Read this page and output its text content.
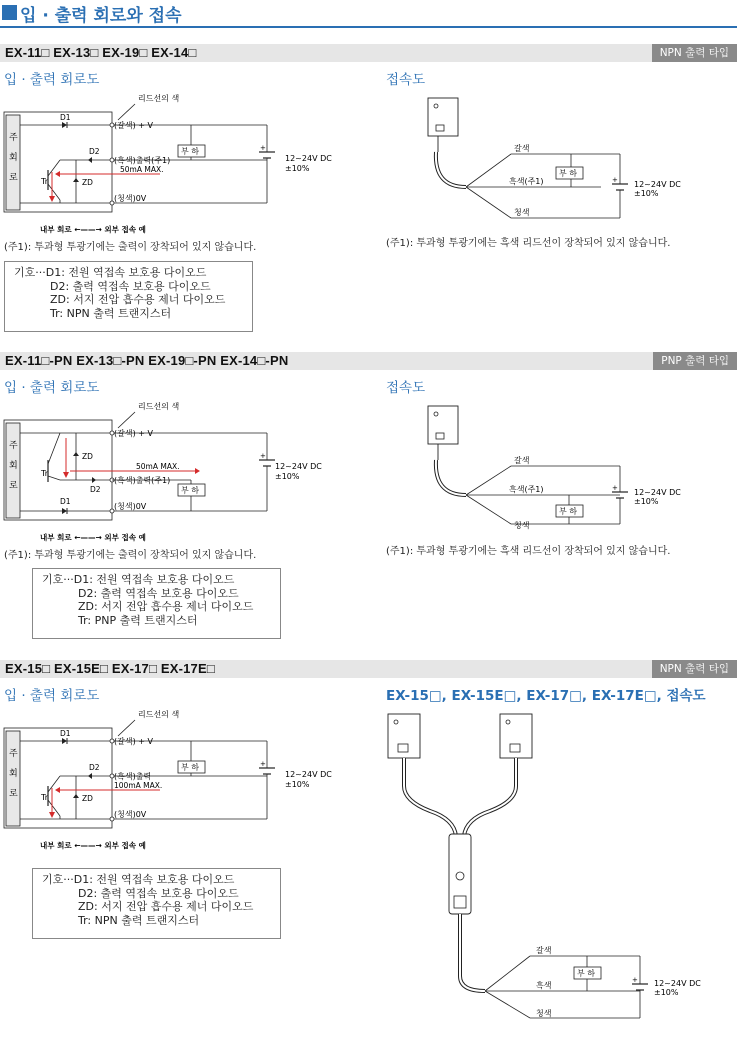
입 · 출력 회로와 접속
EX-11□ EX-13□ EX-19□ EX-14□	NPN 출력 타입
입 · 출력 회로도	접속도
리드선의 색
주
회
로
D1
(갈색) + V
D2
(흑색)출력(주1)
부 하
Tr	ZD
50mA MAX.
(청색)0V
+
12~24V DC
±10%
내부 회로 ←——→ 외부 접속 예
(주1): 투과형 투광기에는 출력이 장착되어 있지 않습니다.
갈색
흑색(주1)
청색
부 하
+ 12~24V DC
±10%
(주1): 투과형 투광기에는 흑색 리드선이 장착되어 있지 않습니다.
기호···D1: 전원 역접속 보호용 다이오드
D2: 출력 역접속 보호용 다이오드
ZD: 서지 전압 흡수용 제너 다이오드
Tr: NPN 출력 트랜지스터
EX-11□-PN EX-13□-PN EX-19□-PN EX-14□-PN	PNP 출력 타입
입 · 출력 회로도	접속도
리드선의 색
주
회
로
(갈색) + V
Tr
ZD
D2
50mA MAX.
(흑색)출력(주1)
부 하
D1
(청색)0V
+
12~24V DC
±10%
내부 회로 ←——→ 외부 접속 예
(주1): 투과형 투광기에는 출력이 장착되어 있지 않습니다.
갈색
흑색(주1)
청색
부 하
+ 12~24V DC
±10%
(주1): 투과형 투광기에는 흑색 리드선이 장착되어 있지 않습니다.
기호···D1: 전원 역접속 보호용 다이오드
D2: 출력 역접속 보호용 다이오드
ZD: 서지 전압 흡수용 제너 다이오드
Tr: PNP 출력 트랜지스터
EX-15□ EX-15E□ EX-17□ EX-17E□	NPN 출력 타입
입 · 출력 회로도	EX-15□, EX-15E□, EX-17□, EX-17E□, 접속도
리드선의 색
주
회
로
D1
(갈색) + V
D2
(흑색)출력
부 하
Tr	ZD
100mA MAX.
(청색)0V
+
12~24V DC
±10%
내부 회로 ←——→ 외부 접속 예
기호···D1: 전원 역접속 보호용 다이오드
D2: 출력 역접속 보호용 다이오드
ZD: 서지 전압 흡수용 제너 다이오드
Tr: NPN 출력 트랜지스터
갈색
흑색
청색
부 하
+ 12~24V DC
±10%
